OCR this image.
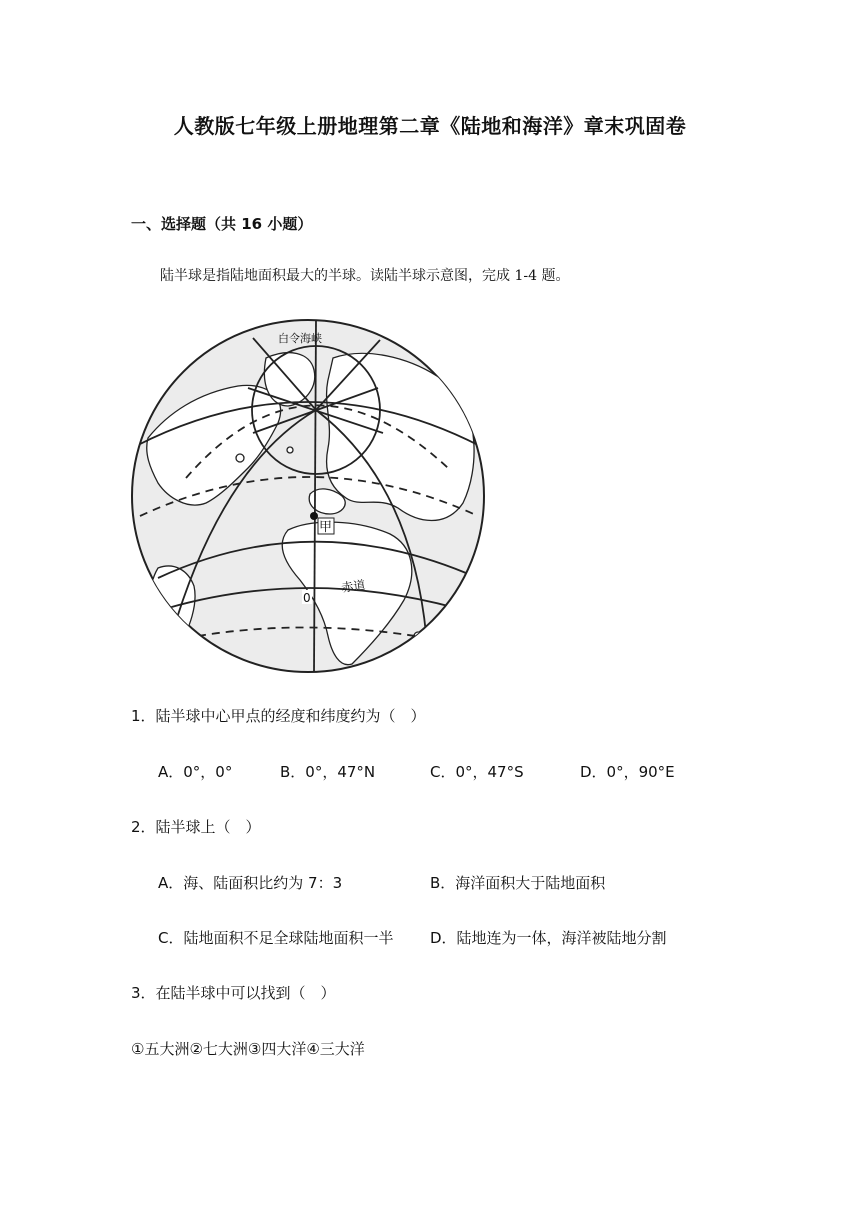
人教版七年级上册地理第二章《陆地和海洋》章末巩固卷
一、选择题（共 16 小题）
陆半球是指陆地面积最大的半球。读陆半球示意图，完成 1-4 题。
甲
白令海峡
赤道
0
1．陆半球中心甲点的经度和纬度约为（　）
A．0°，0°	B．0°，47°N	C．0°，47°S	D．0°，90°E
2．陆半球上（　）
A．海、陆面积比约为 7：3	B．海洋面积大于陆地面积
C．陆地面积不足全球陆地面积一半 D．陆地连为一体，海洋被陆地分割
3．在陆半球中可以找到（　）
①五大洲②七大洲③四大洋④三大洋
